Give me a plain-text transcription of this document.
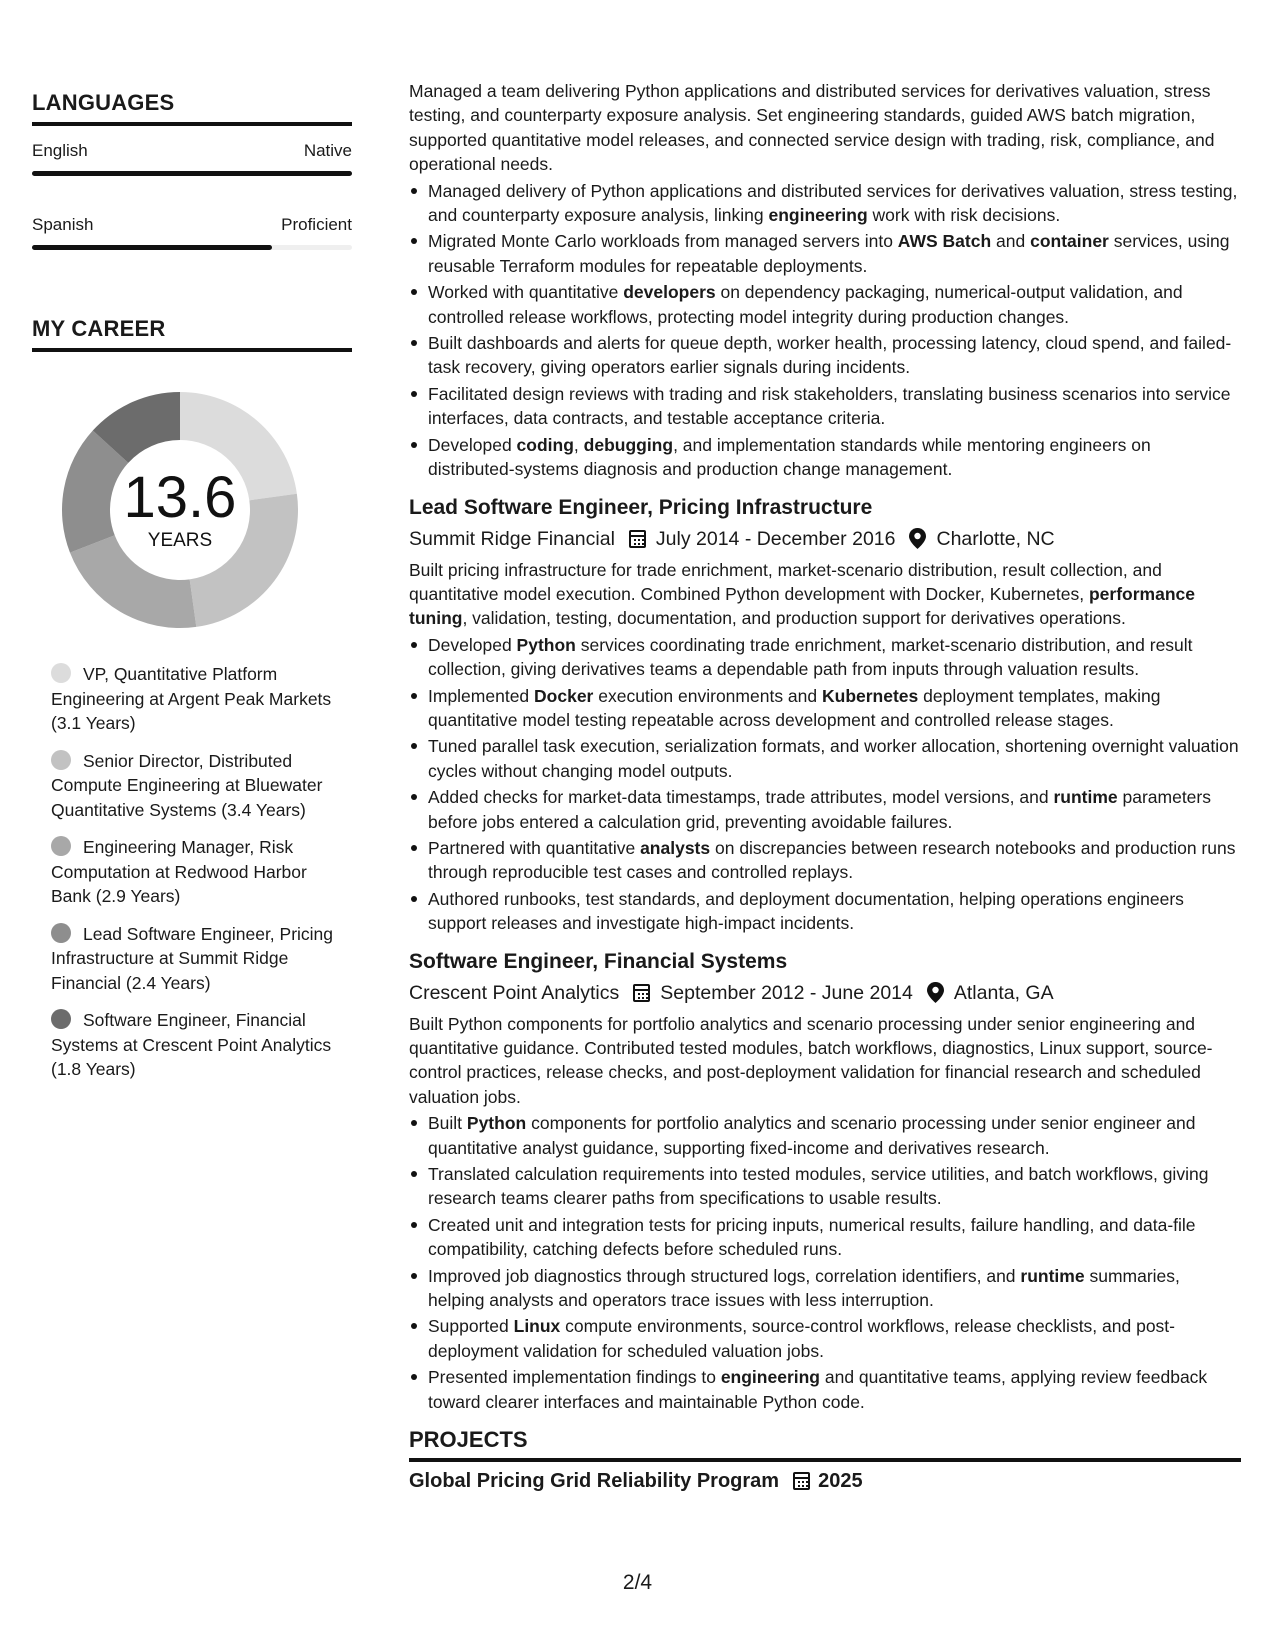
LANGUAGES
English	Native
Spanish	Proficient
MY CAREER
13.6
YEARS
VP, Quantitative Platform Engineering at Argent Peak Markets (3.1 Years)
Senior Director, Distributed Compute Engineering at Bluewater Quantitative Systems (3.4 Years)
Engineering Manager, Risk Computation at Redwood Harbor Bank (2.9 Years)
Lead Software Engineer, Pricing Infrastructure at Summit Ridge Financial (2.4 Years)
Software Engineer, Financial Systems at Crescent Point Analytics (1.8 Years)

Managed a team delivering Python applications and distributed services for derivatives valuation, stress testing, and counterparty exposure analysis. Set engineering standards, guided AWS batch migration, supported quantitative model releases, and connected service design with trading, risk, compliance, and operational needs.

Managed delivery of Python applications and distributed services for derivatives valuation, stress testing, and counterparty exposure analysis, linking engineering work with risk decisions.
Migrated Monte Carlo workloads from managed servers into AWS Batch and container services, using reusable Terraform modules for repeatable deployments.
Worked with quantitative developers on dependency packaging, numerical-output validation, and controlled release workflows, protecting model integrity during production changes.
Built dashboards and alerts for queue depth, worker health, processing latency, cloud spend, and failed-task recovery, giving operators earlier signals during incidents.
Facilitated design reviews with trading and risk stakeholders, translating business scenarios into service interfaces, data contracts, and testable acceptance criteria.
Developed coding, debugging, and implementation standards while mentoring engineers on distributed-systems diagnosis and production change management.
Lead Software Engineer, Pricing Infrastructure
Summit Ridge Financial July 2014 - December 2016 Charlotte, NC

Built pricing infrastructure for trade enrichment, market-scenario distribution, result collection, and quantitative model execution. Combined Python development with Docker, Kubernetes, performance tuning, validation, testing, documentation, and production support for derivatives operations.

Developed Python services coordinating trade enrichment, market-scenario distribution, and result collection, giving derivatives teams a dependable path from inputs through valuation results.
Implemented Docker execution environments and Kubernetes deployment templates, making quantitative model testing repeatable across development and controlled release stages.
Tuned parallel task execution, serialization formats, and worker allocation, shortening overnight valuation cycles without changing model outputs.
Added checks for market-data timestamps, trade attributes, model versions, and runtime parameters before jobs entered a calculation grid, preventing avoidable failures.
Partnered with quantitative analysts on discrepancies between research notebooks and production runs through reproducible test cases and controlled replays.
Authored runbooks, test standards, and deployment documentation, helping operations engineers support releases and investigate high-impact incidents.
Software Engineer, Financial Systems
Crescent Point Analytics September 2012 - June 2014 Atlanta, GA

Built Python components for portfolio analytics and scenario processing under senior engineering and quantitative guidance. Contributed tested modules, batch workflows, diagnostics, Linux support, source-control practices, release checks, and post-deployment validation for financial research and scheduled valuation jobs.

Built Python components for portfolio analytics and scenario processing under senior engineer and quantitative analyst guidance, supporting fixed-income and derivatives research.
Translated calculation requirements into tested modules, service utilities, and batch workflows, giving research teams clearer paths from specifications to usable results.
Created unit and integration tests for pricing inputs, numerical results, failure handling, and data-file compatibility, catching defects before scheduled runs.
Improved job diagnostics through structured logs, correlation identifiers, and runtime summaries, helping analysts and operators trace issues with less interruption.
Supported Linux compute environments, source-control workflows, release checklists, and post-deployment validation for scheduled valuation jobs.
Presented implementation findings to engineering and quantitative teams, applying review feedback toward clearer interfaces and maintainable Python code.
PROJECTS
Global Pricing Grid Reliability Program 2025
2/4
